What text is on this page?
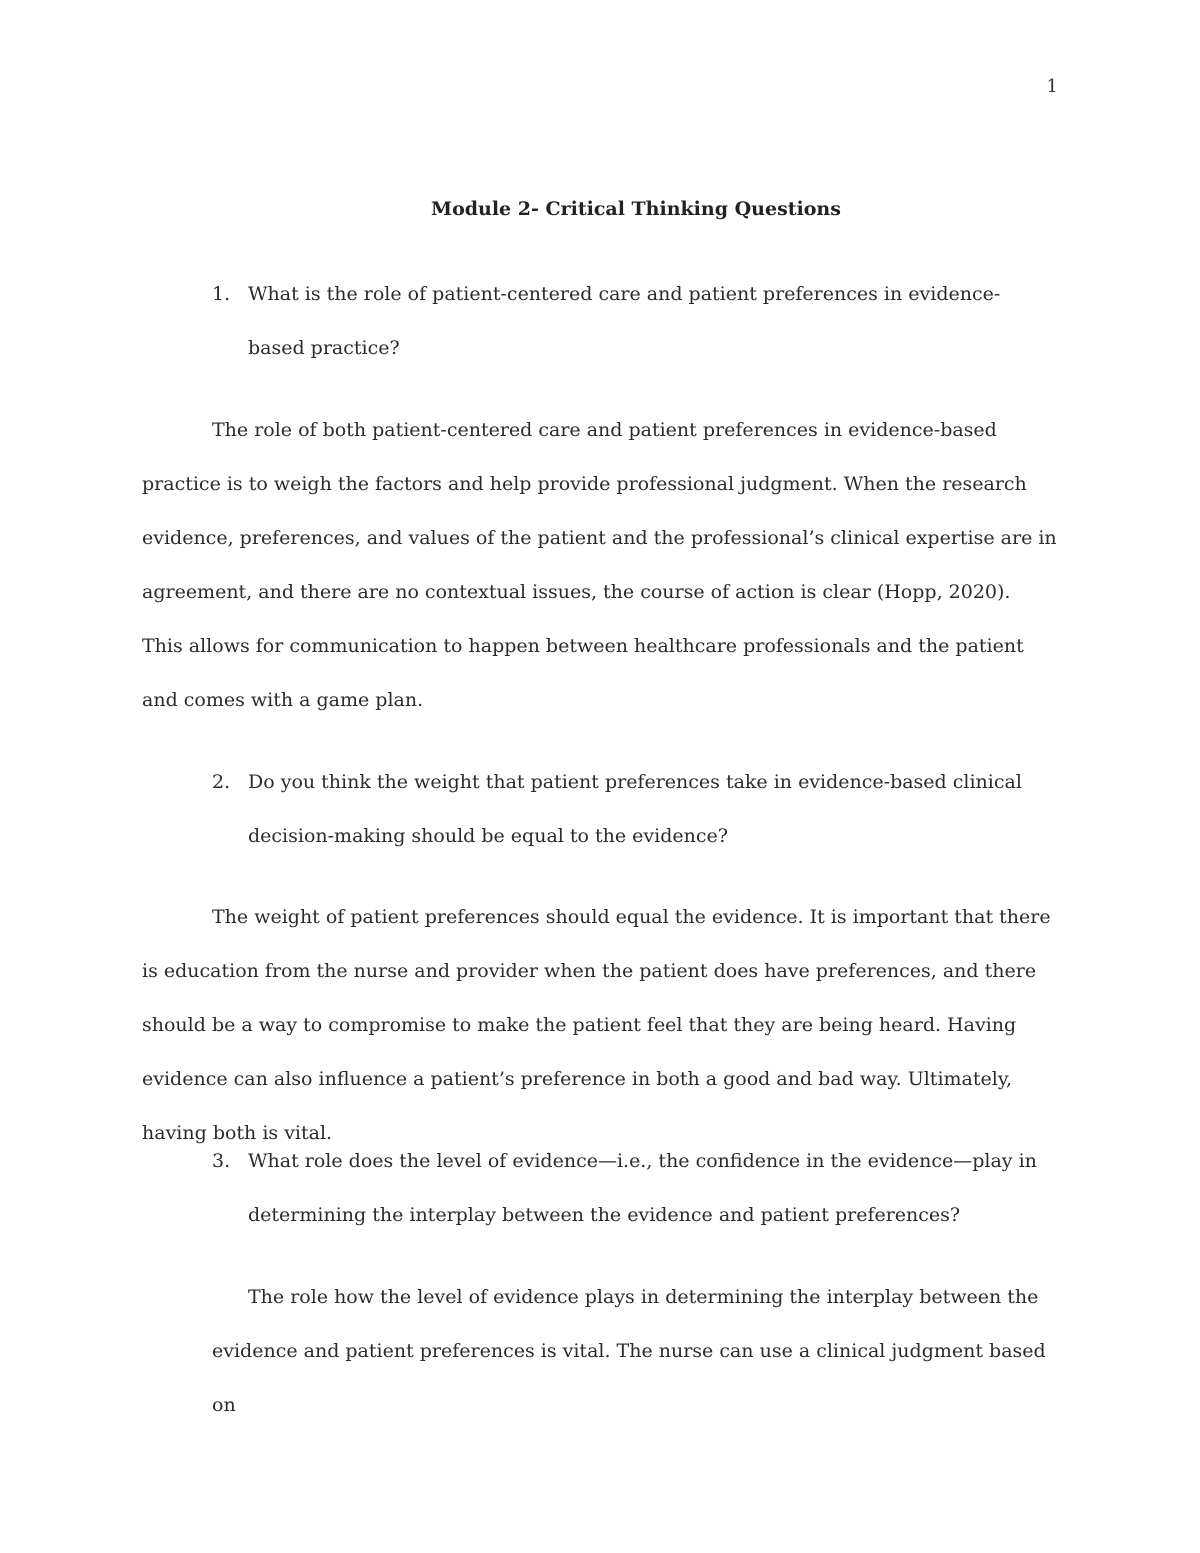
1
Module 2- Critical Thinking Questions
1. What is the role of patient-centered care and patient preferences in evidence-based practice?
The role of both patient-centered care and patient preferences in evidence-based practice is to weigh the factors and help provide professional judgment. When the research evidence, preferences, and values of the patient and the professional’s clinical expertise are in agreement, and there are no contextual issues, the course of action is clear (Hopp, 2020). This allows for communication to happen between healthcare professionals and the patient and comes with a game plan.
2. Do you think the weight that patient preferences take in evidence-based clinical decision-making should be equal to the evidence?
The weight of patient preferences should equal the evidence. It is important that there is education from the nurse and provider when the patient does have preferences, and there should be a way to compromise to make the patient feel that they are being heard. Having evidence can also influence a patient’s preference in both a good and bad way. Ultimately, having both is vital.
3. What role does the level of evidence—i.e., the confidence in the evidence—play in determining the interplay between the evidence and patient preferences?
The role how the level of evidence plays in determining the interplay between the evidence and patient preferences is vital. The nurse can use a clinical judgment based on
